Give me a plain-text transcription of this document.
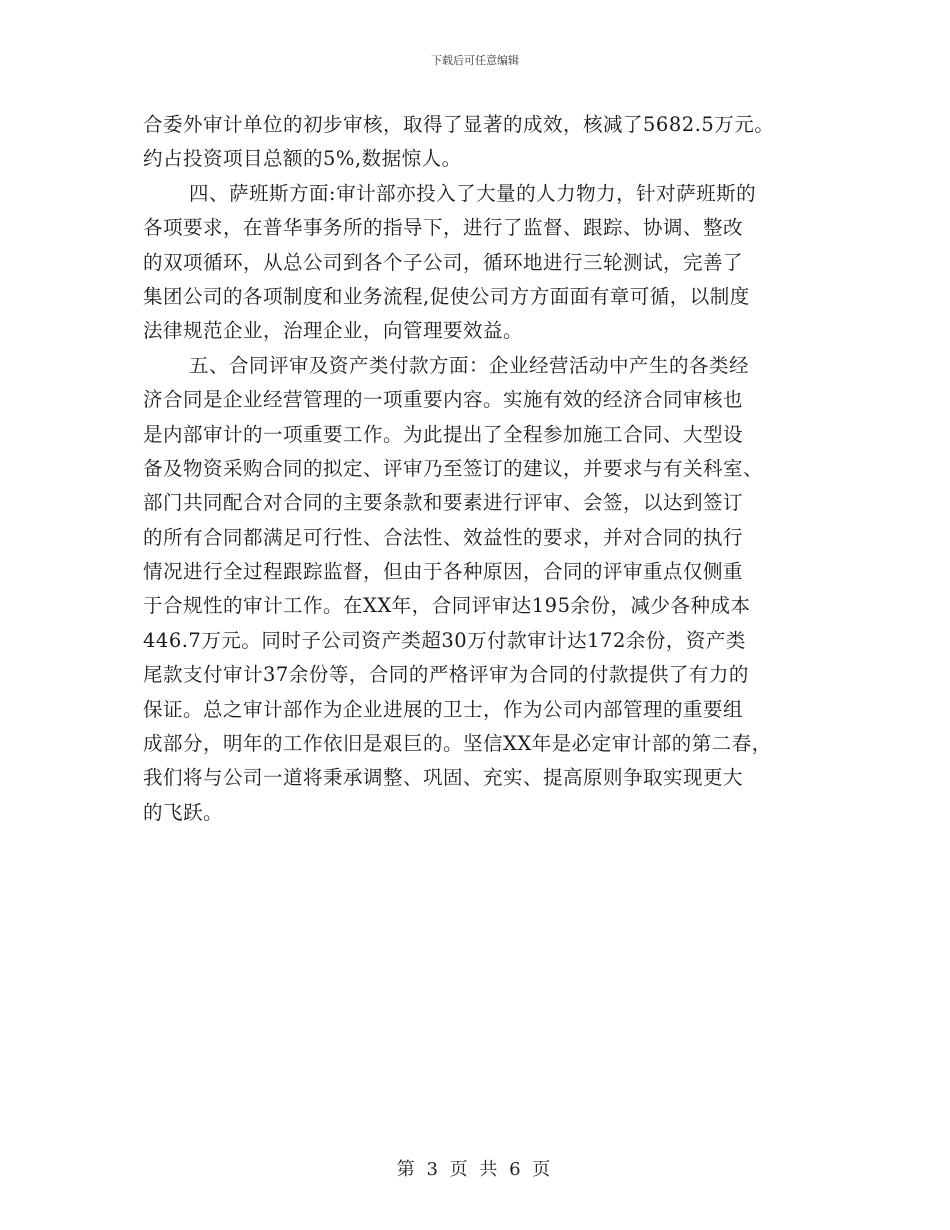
下载后可任意编辑
合委外审计单位的初步审核，取得了显著的成效，核减了5682.5万元。
约占投资项目总额的5%,数据惊人。
四、萨班斯方面:审计部亦投入了大量的人力物力，针对萨班斯的
各项要求，在普华事务所的指导下，进行了监督、跟踪、协调、整改
的双项循环，从总公司到各个子公司，循环地进行三轮测试，完善了
集团公司的各项制度和业务流程,促使公司方方面面有章可循，以制度
法律规范企业，治理企业，向管理要效益。
五、合同评审及资产类付款方面：企业经营活动中产生的各类经
济合同是企业经营管理的一项重要内容。实施有效的经济合同审核也
是内部审计的一项重要工作。为此提出了全程参加施工合同、大型设
备及物资采购合同的拟定、评审乃至签订的建议，并要求与有关科室、
部门共同配合对合同的主要条款和要素进行评审、会签，以达到签订
的所有合同都满足可行性、合法性、效益性的要求，并对合同的执行
情况进行全过程跟踪监督，但由于各种原因，合同的评审重点仅侧重
于合规性的审计工作。在XX年，合同评审达195余份，减少各种成本
446.7万元。同时子公司资产类超30万付款审计达172余份，资产类
尾款支付审计37余份等，合同的严格评审为合同的付款提供了有力的
保证。总之审计部作为企业进展的卫士，作为公司内部管理的重要组
成部分，明年的工作依旧是艰巨的。坚信XX年是必定审计部的第二春，
我们将与公司一道将秉承调整、巩固、充实、提高原则争取实现更大
的飞跃。
第 3 页 共 6 页
